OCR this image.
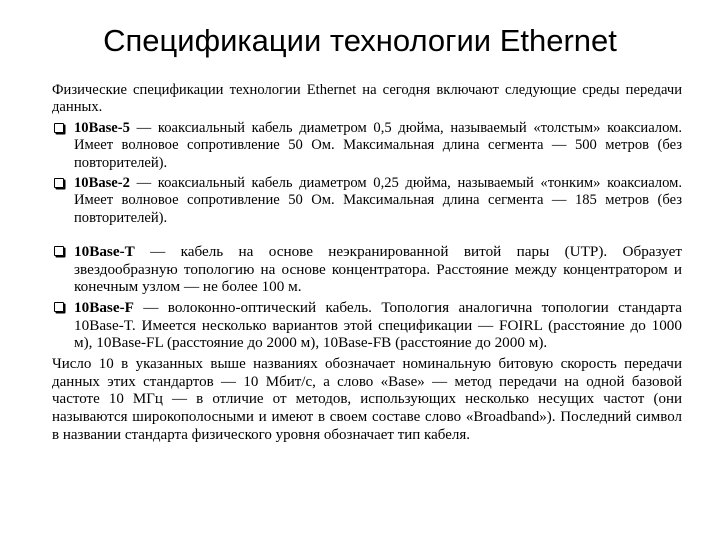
Спецификации технологии Ethernet

Физические спецификации технологии Ethernet на сегодня включают следующие среды передачи данных.

10Base-5 — коаксиальный кабель диаметром 0,5 дюйма, называемый «толстым» коаксиалом. Имеет волновое сопротивление 50 Ом. Максимальная длина сегмента — 500 метров (без повторителей).
10Base-2 — коаксиальный кабель диаметром 0,25 дюйма, называемый «тонким» коаксиалом. Имеет волновое сопротивление 50 Ом. Максимальная длина сегмента — 185 метров (без повторителей).
10Base-T — кабель на основе неэкранированной витой пары (UTP). Образует звездообразную топологию на основе концентратора. Расстояние между концентратором и конечным узлом — не более 100 м.
10Base-F — волоконно-оптический кабель. Топология аналогична топологии стандарта 10Base-T. Имеется несколько вариантов этой спецификации — FOIRL (расстояние до 1000 м), 10Base-FL (расстояние до 2000 м), 10Base-FB (расстояние до 2000 м).

Число 10 в указанных выше названиях обозначает номинальную битовую скорость передачи данных этих стандартов — 10 Мбит/с, а слово «Base» — метод передачи на одной базовой частоте 10 МГц — в отличие от методов, использующих несколько несущих частот (они называются широкополосными и имеют в своем составе слово «Broadband»). Последний символ в названии стандарта физического уровня обозначает тип кабеля.
